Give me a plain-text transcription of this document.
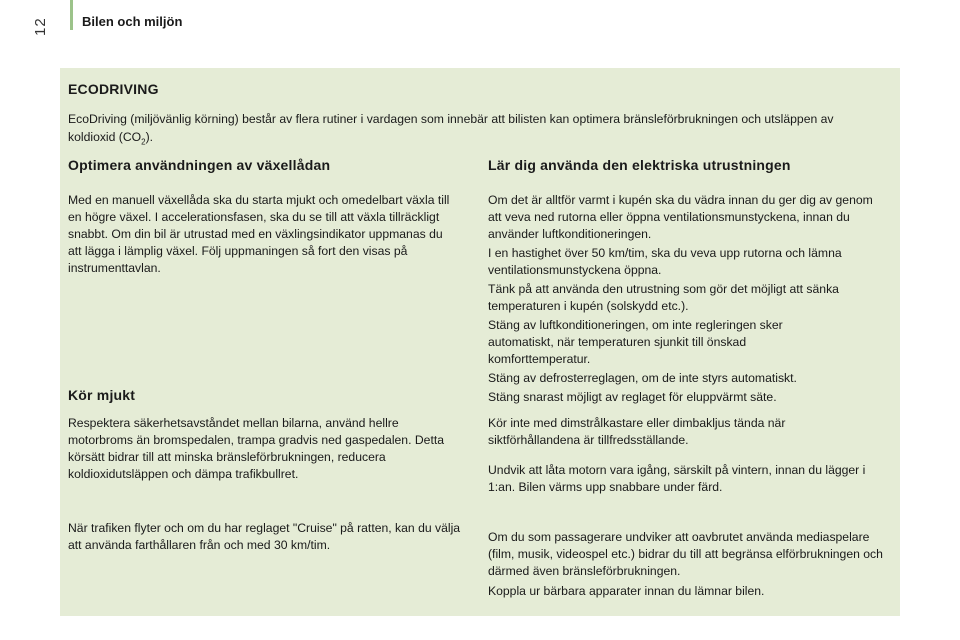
Bilen och miljön
12
ECODRIVING

EcoDriving (miljövänlig körning) består av flera rutiner i vardagen som innebär att bilisten kan optimera bränsleförbrukningen och utsläppen av koldioxid $(CO_2)$.

Optimera användningen av växellådan

Med en manuell växellåda ska du starta mjukt och omedelbart växla till en högre växel. I accelerationsfasen, ska du se till att växla tillräckligt snabbt. Om din bil är utrustad med en växlingsindikator uppmanas du att lägga i lämplig växel. Följ uppmaningen så fort den visas på instrumenttavlan.

Kör mjukt

Respektera säkerhetsavståndet mellan bilarna, använd hellre motorbroms än bromspedalen, trampa gradvis ned gaspedalen. Detta körsätt bidrar till att minska bränsleförbrukningen, reducera koldioxidutsläppen och dämpa trafikbullret.

När trafiken flyter och om du har reglaget "Cruise" på ratten, kan du välja att använda farthållaren från och med 30 km/tim.

Lär dig använda den elektriska utrustningen

Om det är alltför varmt i kupén ska du vädra innan du ger dig av genom att veva ned rutorna eller öppna ventilationsmunstyckena, innan du använder luftkonditioneringen.

I en hastighet över 50 km/tim, ska du veva upp rutorna och lämna ventilationsmunstyckena öppna.

Tänk på att använda den utrustning som gör det möjligt att sänka temperaturen i kupén (solskydd etc.).

Stäng av luftkonditioneringen, om inte regleringen sker automatiskt, när temperaturen sjunkit till önskad komforttemperatur.

Stäng av defrosterreglagen, om de inte styrs automatiskt.

Stäng snarast möjligt av reglaget för eluppvärmt säte.

Kör inte med dimstrålkastare eller dimbakljus tända när siktförhållandena är tillfredsställande.

Undvik att låta motorn vara igång, särskilt på vintern, innan du lägger i 1:an. Bilen värms upp snabbare under färd.

Om du som passagerare undviker att oavbrutet använda mediaspelare (film, musik, videospel etc.) bidrar du till att begränsa elförbrukningen och därmed även bränsleförbrukningen.

Koppla ur bärbara apparater innan du lämnar bilen.
